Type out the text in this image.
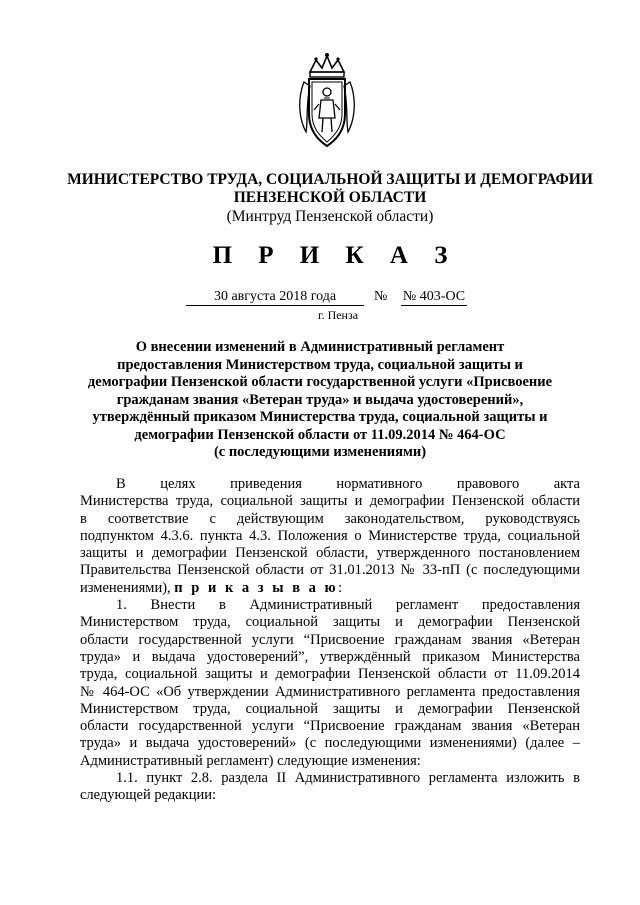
МИНИСТЕРСТВО ТРУДА, СОЦИАЛЬНОЙ ЗАЩИТЫ И ДЕМОГРАФИИ
ПЕНЗЕНСКОЙ ОБЛАСТИ
(Минтруд Пензенской области)
П Р И К А З
30 августа 2018 года	№ № 403-ОС
г. Пенза
О внесении изменений в Административный регламент
предоставления Министерством труда, социальной защиты и
демографии Пензенской области государственной услуги «Присвоение
гражданам звания «Ветеран труда» и выдача удостоверений»,
утверждённый приказом Министерства труда, социальной защиты и
демографии Пензенской области от 11.09.2014 № 464-ОС
(с последующими изменениями)
В целях приведения нормативного правового акта
Министерства труда, социальной защиты и демографии Пензенской области
в соответствие с действующим законодательством, руководствуясь
подпунктом 4.3.6. пункта 4.3. Положения о Министерстве труда, социальной
защиты и демографии Пензенской области, утвержденного постановлением
Правительства Пензенской области от 31.01.2013 № 33-пП (с последующими
изменениями), п р и к а з ы в а ю:
1. Внести в Административный регламент предоставления
Министерством труда, социальной защиты и демографии Пензенской
области государственной услуги “Присвоение гражданам звания «Ветеран
труда» и выдача удостоверений”, утверждённый приказом Министерства
труда, социальной защиты и демографии Пензенской области от 11.09.2014
№ 464-ОС «Об утверждении Административного регламента предоставления
Министерством труда, социальной защиты и демографии Пензенской
области государственной услуги “Присвоение гражданам звания «Ветеран
труда» и выдача удостоверений» (с последующими изменениями) (далее –
Административный регламент) следующие изменения:
1.1. пункт 2.8. раздела II Административного регламента изложить в
следующей редакции:
